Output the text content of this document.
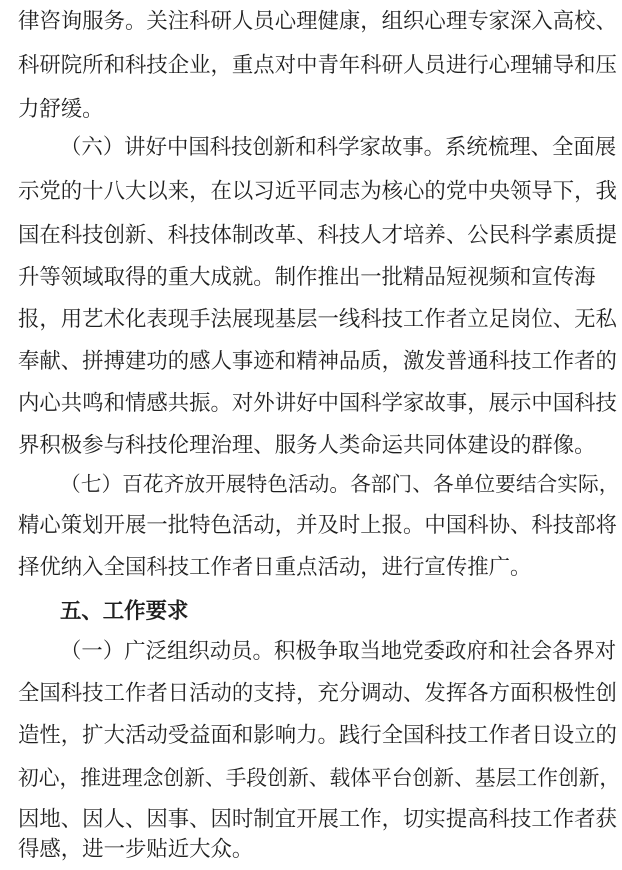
律咨询服务。关注科研人员心理健康，组织心理专家深入高校、
科研院所和科技企业，重点对中青年科研人员进行心理辅导和压
力舒缓。
（六）讲好中国科技创新和科学家故事。系统梳理、全面展
示党的十八大以来，在以习近平同志为核心的党中央领导下，我
国在科技创新、科技体制改革、科技人才培养、公民科学素质提
升等领域取得的重大成就。制作推出一批精品短视频和宣传海
报，用艺术化表现手法展现基层一线科技工作者立足岗位、无私
奉献、拼搏建功的感人事迹和精神品质，激发普通科技工作者的
内心共鸣和情感共振。对外讲好中国科学家故事，展示中国科技
界积极参与科技伦理治理、服务人类命运共同体建设的群像。
（七）百花齐放开展特色活动。各部门、各单位要结合实际，
精心策划开展一批特色活动，并及时上报。中国科协、科技部将
择优纳入全国科技工作者日重点活动，进行宣传推广。
五、工作要求
（一）广泛组织动员。积极争取当地党委政府和社会各界对
全国科技工作者日活动的支持，充分调动、发挥各方面积极性创
造性，扩大活动受益面和影响力。践行全国科技工作者日设立的
初心，推进理念创新、手段创新、载体平台创新、基层工作创新，
因地、因人、因事、因时制宜开展工作，切实提高科技工作者获
得感，进一步贴近大众。
